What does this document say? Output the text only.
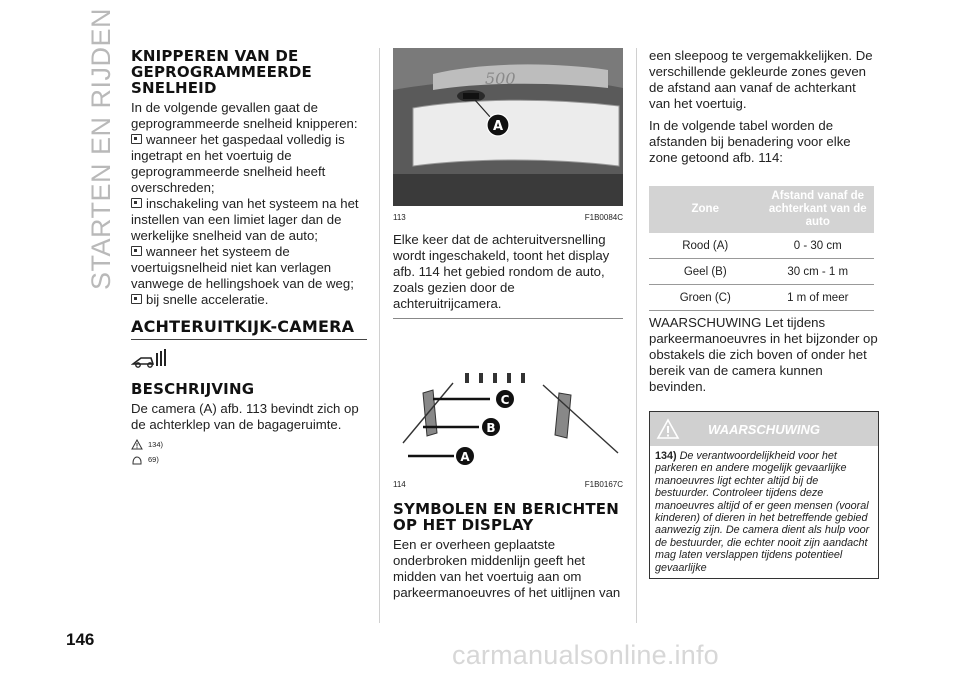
STARTEN EN RIJDEN
146
KNIPPEREN VAN DE GEPROGRAMMEERDE SNELHEID

In de volgende gevallen gaat de geprogrammeerde snelheid knipperen:

wanneer het gaspedaal volledig is ingetrapt en het voertuig de geprogrammeerde snelheid heeft overschreden;

inschakeling van het systeem na het instellen van een limiet lager dan de werkelijke snelheid van de auto;

wanneer het systeem de voertuigsnelheid niet kan verlagen vanwege de hellingshoek van de weg;

bij snelle acceleratie.

ACHTERUITKIJK-CAMERA
BESCHRIJVING

De camera (A) afb. 113 bevindt zich op de achterklep van de bagageruimte.

134)
69)
500
A
113	F1B0084C

Elke keer dat de achteruitversnelling wordt ingeschakeld, toont het display afb. 114 het gebied rondom de auto, zoals gezien door de achteruitrijcamera.

C
B
A
114	F1B0167C
SYMBOLEN EN BERICHTEN OP HET DISPLAY

Een er overheen geplaatste onderbroken middenlijn geeft het midden van het voertuig aan om parkeermanoeuvres of het uitlijnen van

een sleepoog te vergemakkelijken. De verschillende gekleurde zones geven de afstand aan vanaf de achterkant van het voertuig.

In de volgende tabel worden de afstanden bij benadering voor elke zone getoond afb. 114:

Zone	Afstand vanaf de achterkant van de auto
Rood (A)	0 - 30 cm
Geel (B)	30 cm - 1 m
Groen (C)	1 m of meer

WAARSCHUWING Let tijdens parkeermanoeuvres in het bijzonder op obstakels die zich boven of onder het bereik van de camera kunnen bevinden.

WAARSCHUWING
134) De verantwoordelijkheid voor het parkeren en andere mogelijk gevaarlijke manoeuvres ligt echter altijd bij de bestuurder. Controleer tijdens deze manoeuvres altijd of er geen mensen (vooral kinderen) of dieren in het betreffende gebied aanwezig zijn. De camera dient als hulp voor de bestuurder, die echter nooit zijn aandacht mag laten verslappen tijdens potentieel gevaarlijke
carmanualsonline.info
